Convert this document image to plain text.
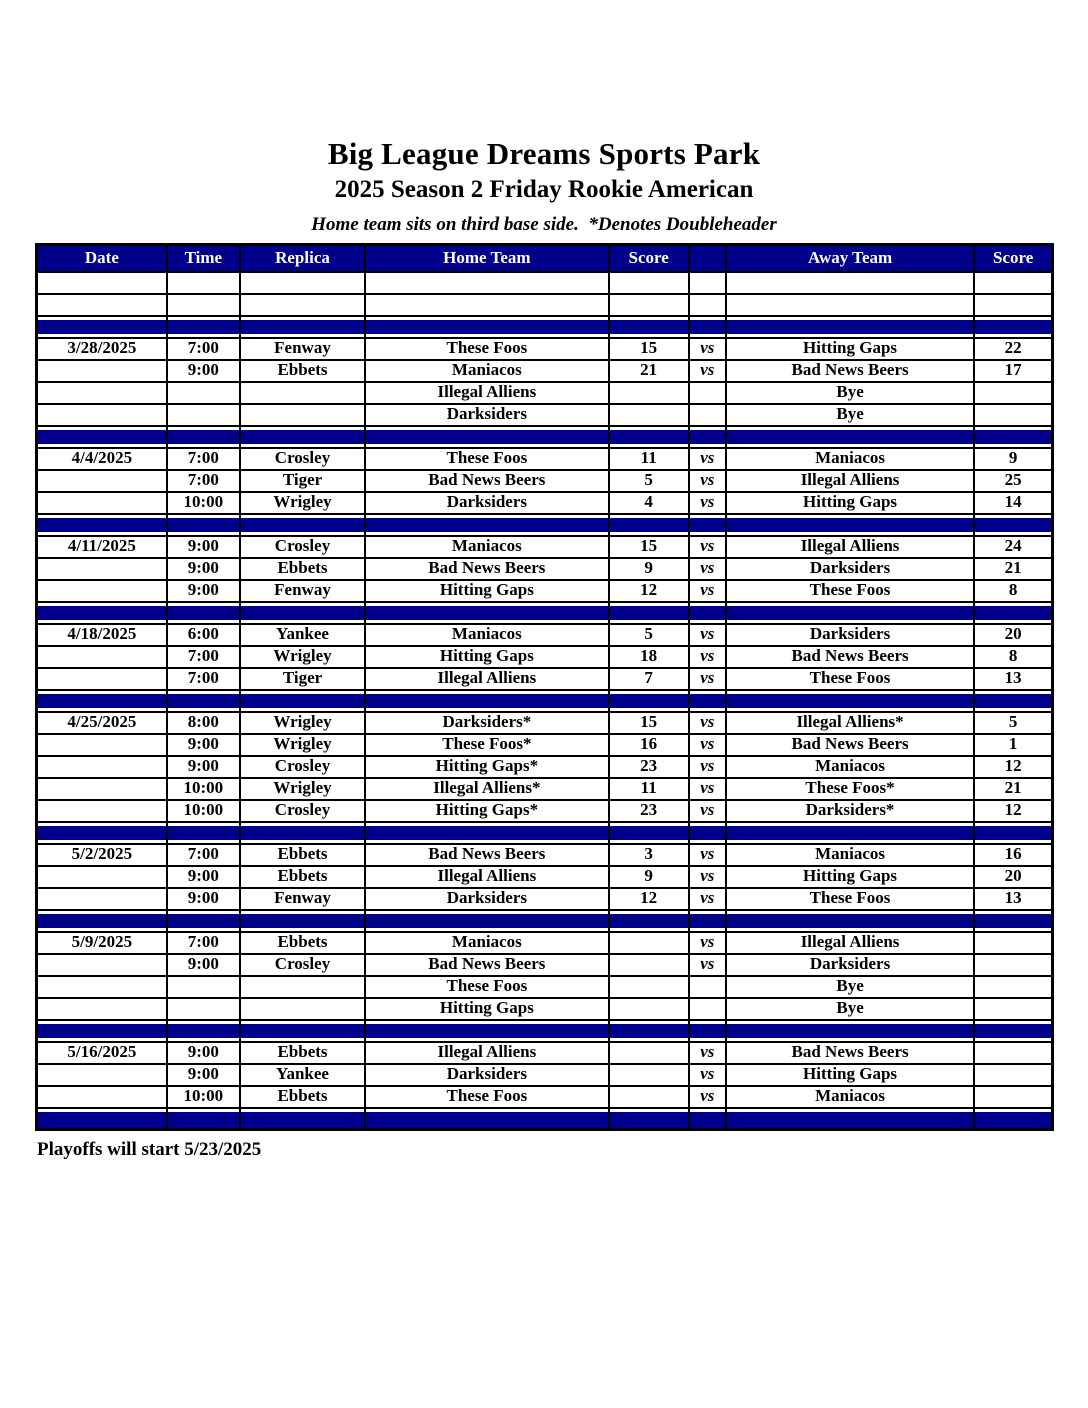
Big League Dreams Sports Park
2025 Season 2 Friday Rookie American
Home team sits on third base side.  *Denotes Doubleheader
Date	Time	Replica	Home Team	Score		Away Team	Score

3/28/2025	7:00	Fenway	These Foos	15	vs	Hitting Gaps	22
	9:00	Ebbets	Maniacos	21	vs	Bad News Beers	17
			Illegal Alliens			Bye	
			Darksiders			Bye	

4/4/2025	7:00	Crosley	These Foos	11	vs	Maniacos	9
	7:00	Tiger	Bad News Beers	5	vs	Illegal Alliens	25
	10:00	Wrigley	Darksiders	4	vs	Hitting Gaps	14

4/11/2025	9:00	Crosley	Maniacos	15	vs	Illegal Alliens	24
	9:00	Ebbets	Bad News Beers	9	vs	Darksiders	21
	9:00	Fenway	Hitting Gaps	12	vs	These Foos	8

4/18/2025	6:00	Yankee	Maniacos	5	vs	Darksiders	20
	7:00	Wrigley	Hitting Gaps	18	vs	Bad News Beers	8
	7:00	Tiger	Illegal Alliens	7	vs	These Foos	13

4/25/2025	8:00	Wrigley	Darksiders*	15	vs	Illegal Alliens*	5
	9:00	Wrigley	These Foos*	16	vs	Bad News Beers	1
	9:00	Crosley	Hitting Gaps*	23	vs	Maniacos	12
	10:00	Wrigley	Illegal Alliens*	11	vs	These Foos*	21
	10:00	Crosley	Hitting Gaps*	23	vs	Darksiders*	12

5/2/2025	7:00	Ebbets	Bad News Beers	3	vs	Maniacos	16
	9:00	Ebbets	Illegal Alliens	9	vs	Hitting Gaps	20
	9:00	Fenway	Darksiders	12	vs	These Foos	13

5/9/2025	7:00	Ebbets	Maniacos		vs	Illegal Alliens	
	9:00	Crosley	Bad News Beers		vs	Darksiders	
			These Foos			Bye	
			Hitting Gaps			Bye	

5/16/2025	9:00	Ebbets	Illegal Alliens		vs	Bad News Beers	
	9:00	Yankee	Darksiders		vs	Hitting Gaps	
	10:00	Ebbets	These Foos		vs	Maniacos	

Playoffs will start 5/23/2025
